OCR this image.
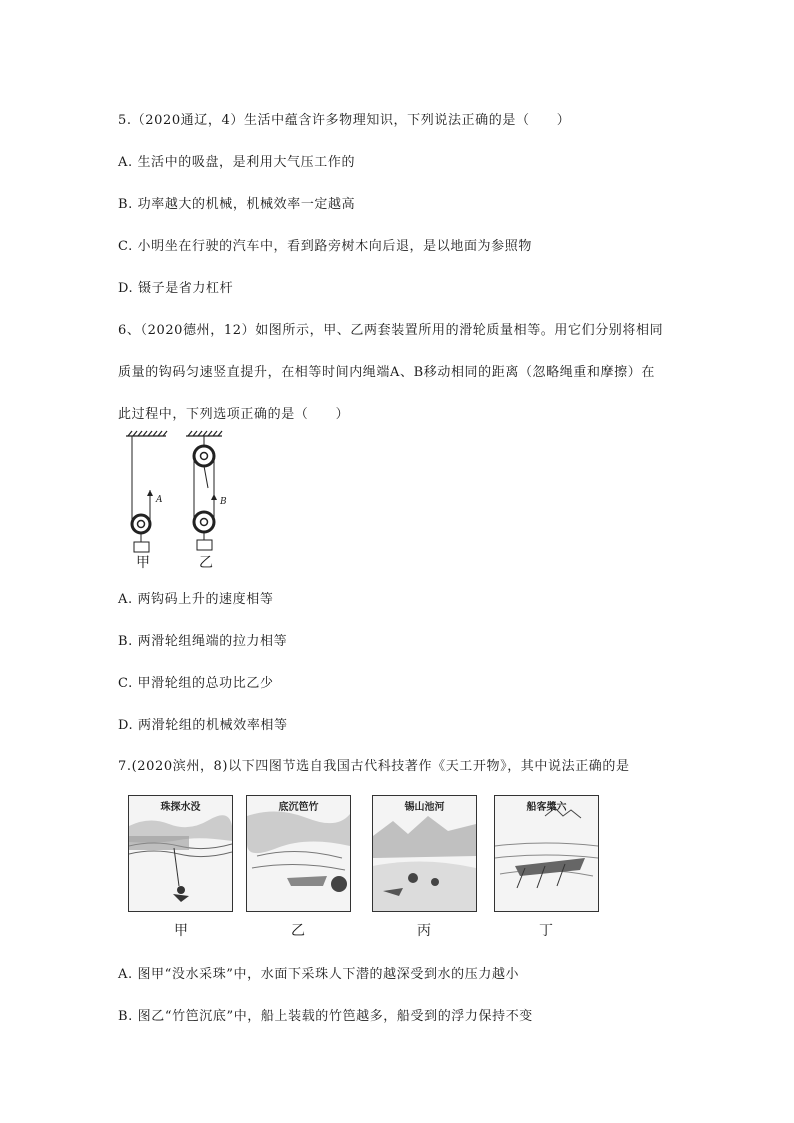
5.（2020通辽，4）生活中蕴含许多物理知识，下列说法正确的是（　　）
A. 生活中的吸盘，是利用大气压工作的
B. 功率越大的机械，机械效率一定越高
C. 小明坐在行驶的汽车中，看到路旁树木向后退，是以地面为参照物
D. 镊子是省力杠杆
6、（2020德州，12）如图所示，甲、乙两套装置所用的滑轮质量相等。用它们分别将相同
质量的钩码匀速竖直提升，在相等时间内绳端A、B移动相同的距离（忽略绳重和摩擦）在
此过程中，下列选项正确的是（　　）
A	B
甲	乙
A. 两钩码上升的速度相等
B. 两滑轮组绳端的拉力相等
C. 甲滑轮组的总功比乙少
D. 两滑轮组的机械效率相等
7.(2020滨州，8)以下四图节选自我国古代科技著作《天工开物》，其中说法正确的是
珠探水没	底沉笆竹	锡山池河	船客槳六
甲	乙	丙	丁
A. 图甲“没水采珠”中，水面下采珠人下潜的越深受到水的压力越小
B. 图乙“竹笆沉底”中，船上装载的竹笆越多，船受到的浮力保持不变
